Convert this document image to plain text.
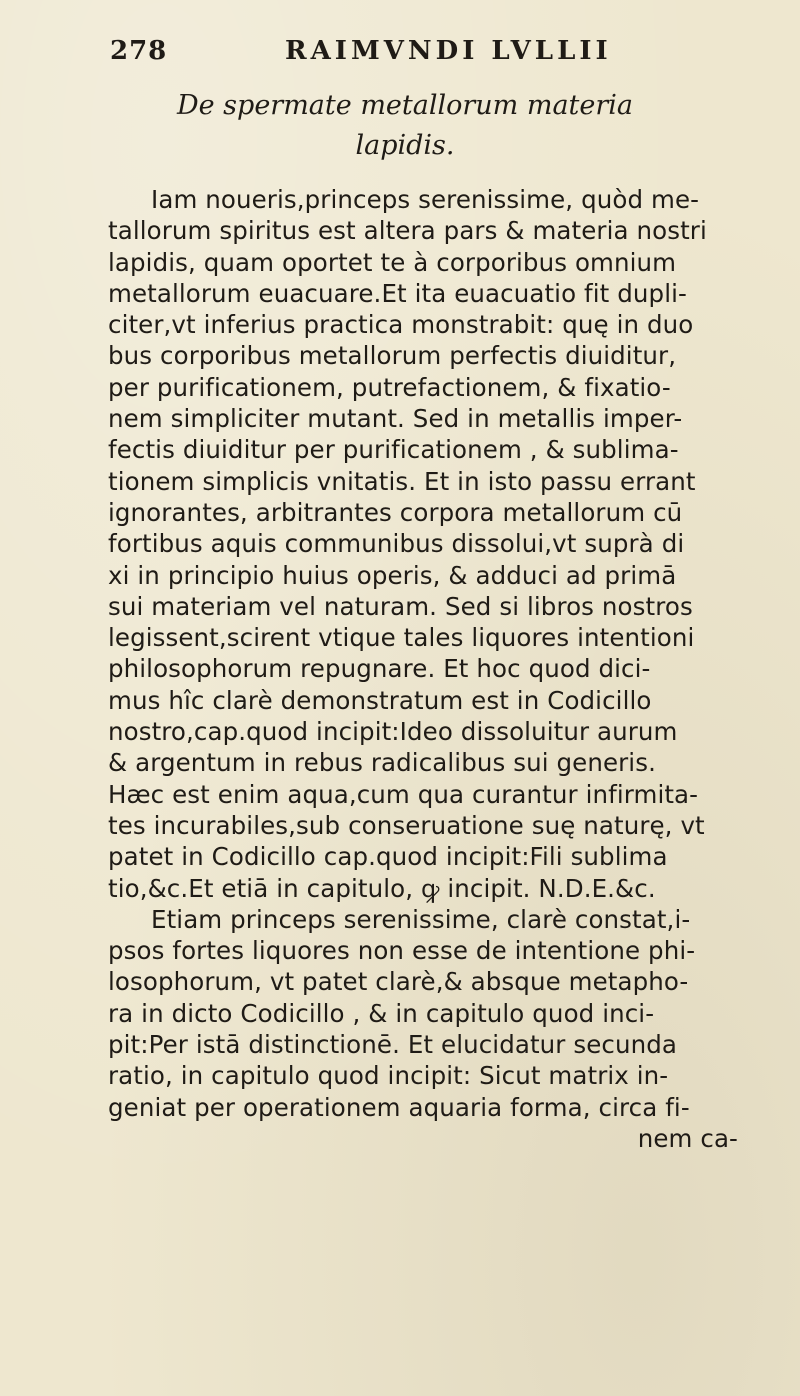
278	RAIMVNDI LVLLII
De spermate metallorum materia
lapidis.
Iam noueris,princeps serenissime, quòd me-
tallorum spiritus est altera pars & materia nostri
lapidis, quam oportet te à corporibus omnium
metallorum euacuare.Et ita euacuatio fit dupli-
citer,vt inferius practica monstrabit: quę in duo
bus corporibus metallorum perfectis diuiditur,
per purificationem, putrefactionem, & fixatio-
nem simpliciter mutant. Sed in metallis imper-
fectis diuiditur per purificationem , & sublima-
tionem simplicis vnitatis. Et in isto passu errant
ignorantes, arbitrantes corpora metallorum cū
fortibus aquis communibus dissolui,vt suprà di
xi in principio huius operis, & adduci ad primā
sui materiam vel naturam. Sed si libros nostros
legissent,scirent vtique tales liquores intentioni
philosophorum repugnare. Et hoc quod dici-
mus hîc clarè demonstratum est in Codicillo
nostro,cap.quod incipit:Ideo dissoluitur aurum
& argentum in rebus radicalibus sui generis.
Hæc est enim aqua,cum qua curantur infirmita-
tes incurabiles,sub conseruatione suę naturę, vt
patet in Codicillo cap.quod incipit:Fili sublima
tio,&c.Et etiā in capitulo, ꝙ incipit. N.D.E.&c.
Etiam princeps serenissime, clarè constat,i-
psos fortes liquores non esse de intentione phi-
losophorum, vt patet clarè,& absque metapho-
ra in dicto Codicillo , & in capitulo quod inci-
pit:Per istā distinctionē. Et elucidatur secunda
ratio, in capitulo quod incipit: Sicut matrix in-
geniat per operationem aquaria forma, circa fi-
nem ca-
